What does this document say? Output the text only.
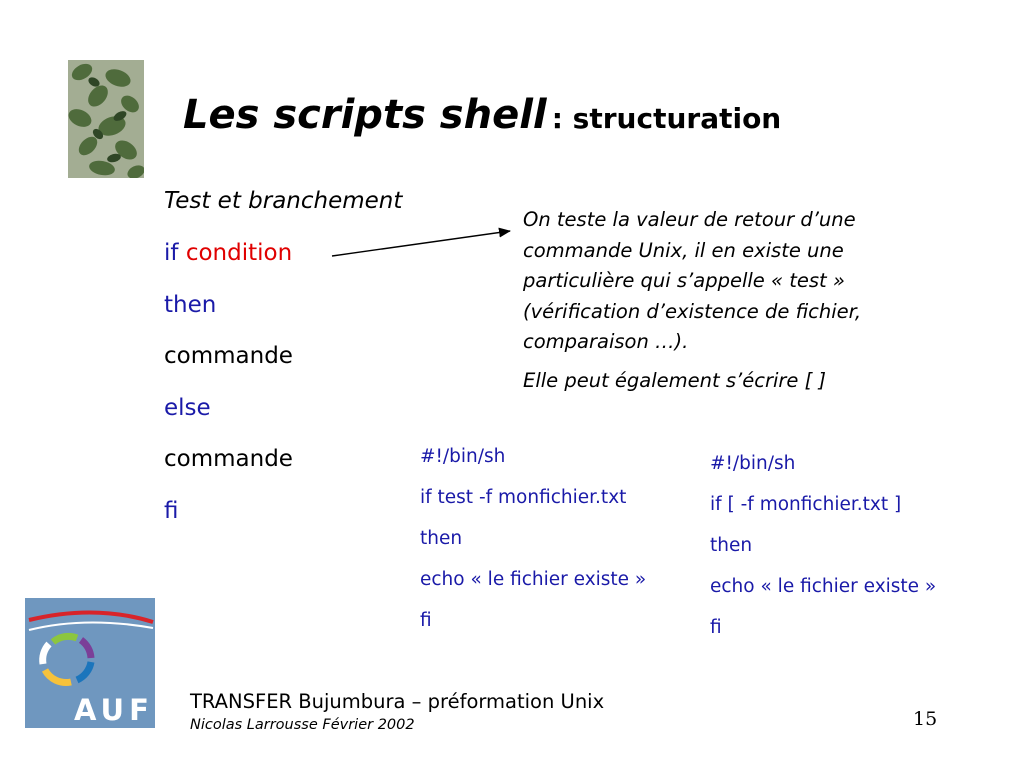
Les scripts shell : structuration
Test et branchement
if condition
then
commande
else
commande
fi

On teste la valeur de retour d’une commande Unix, il en existe une particulière qui s’appelle « test » (vérification d’existence de fichier, comparaison …).

Elle peut également s’écrire [ ]

#!/bin/sh
if test -f monfichier.txt
then
echo « le fichier existe »
fi
#!/bin/sh
if [ -f monfichier.txt ]
then
echo « le fichier existe »
fi
AUF TRANSFER Bujumbura – préformation Unix
Nicolas Larrousse Février 2002	15
